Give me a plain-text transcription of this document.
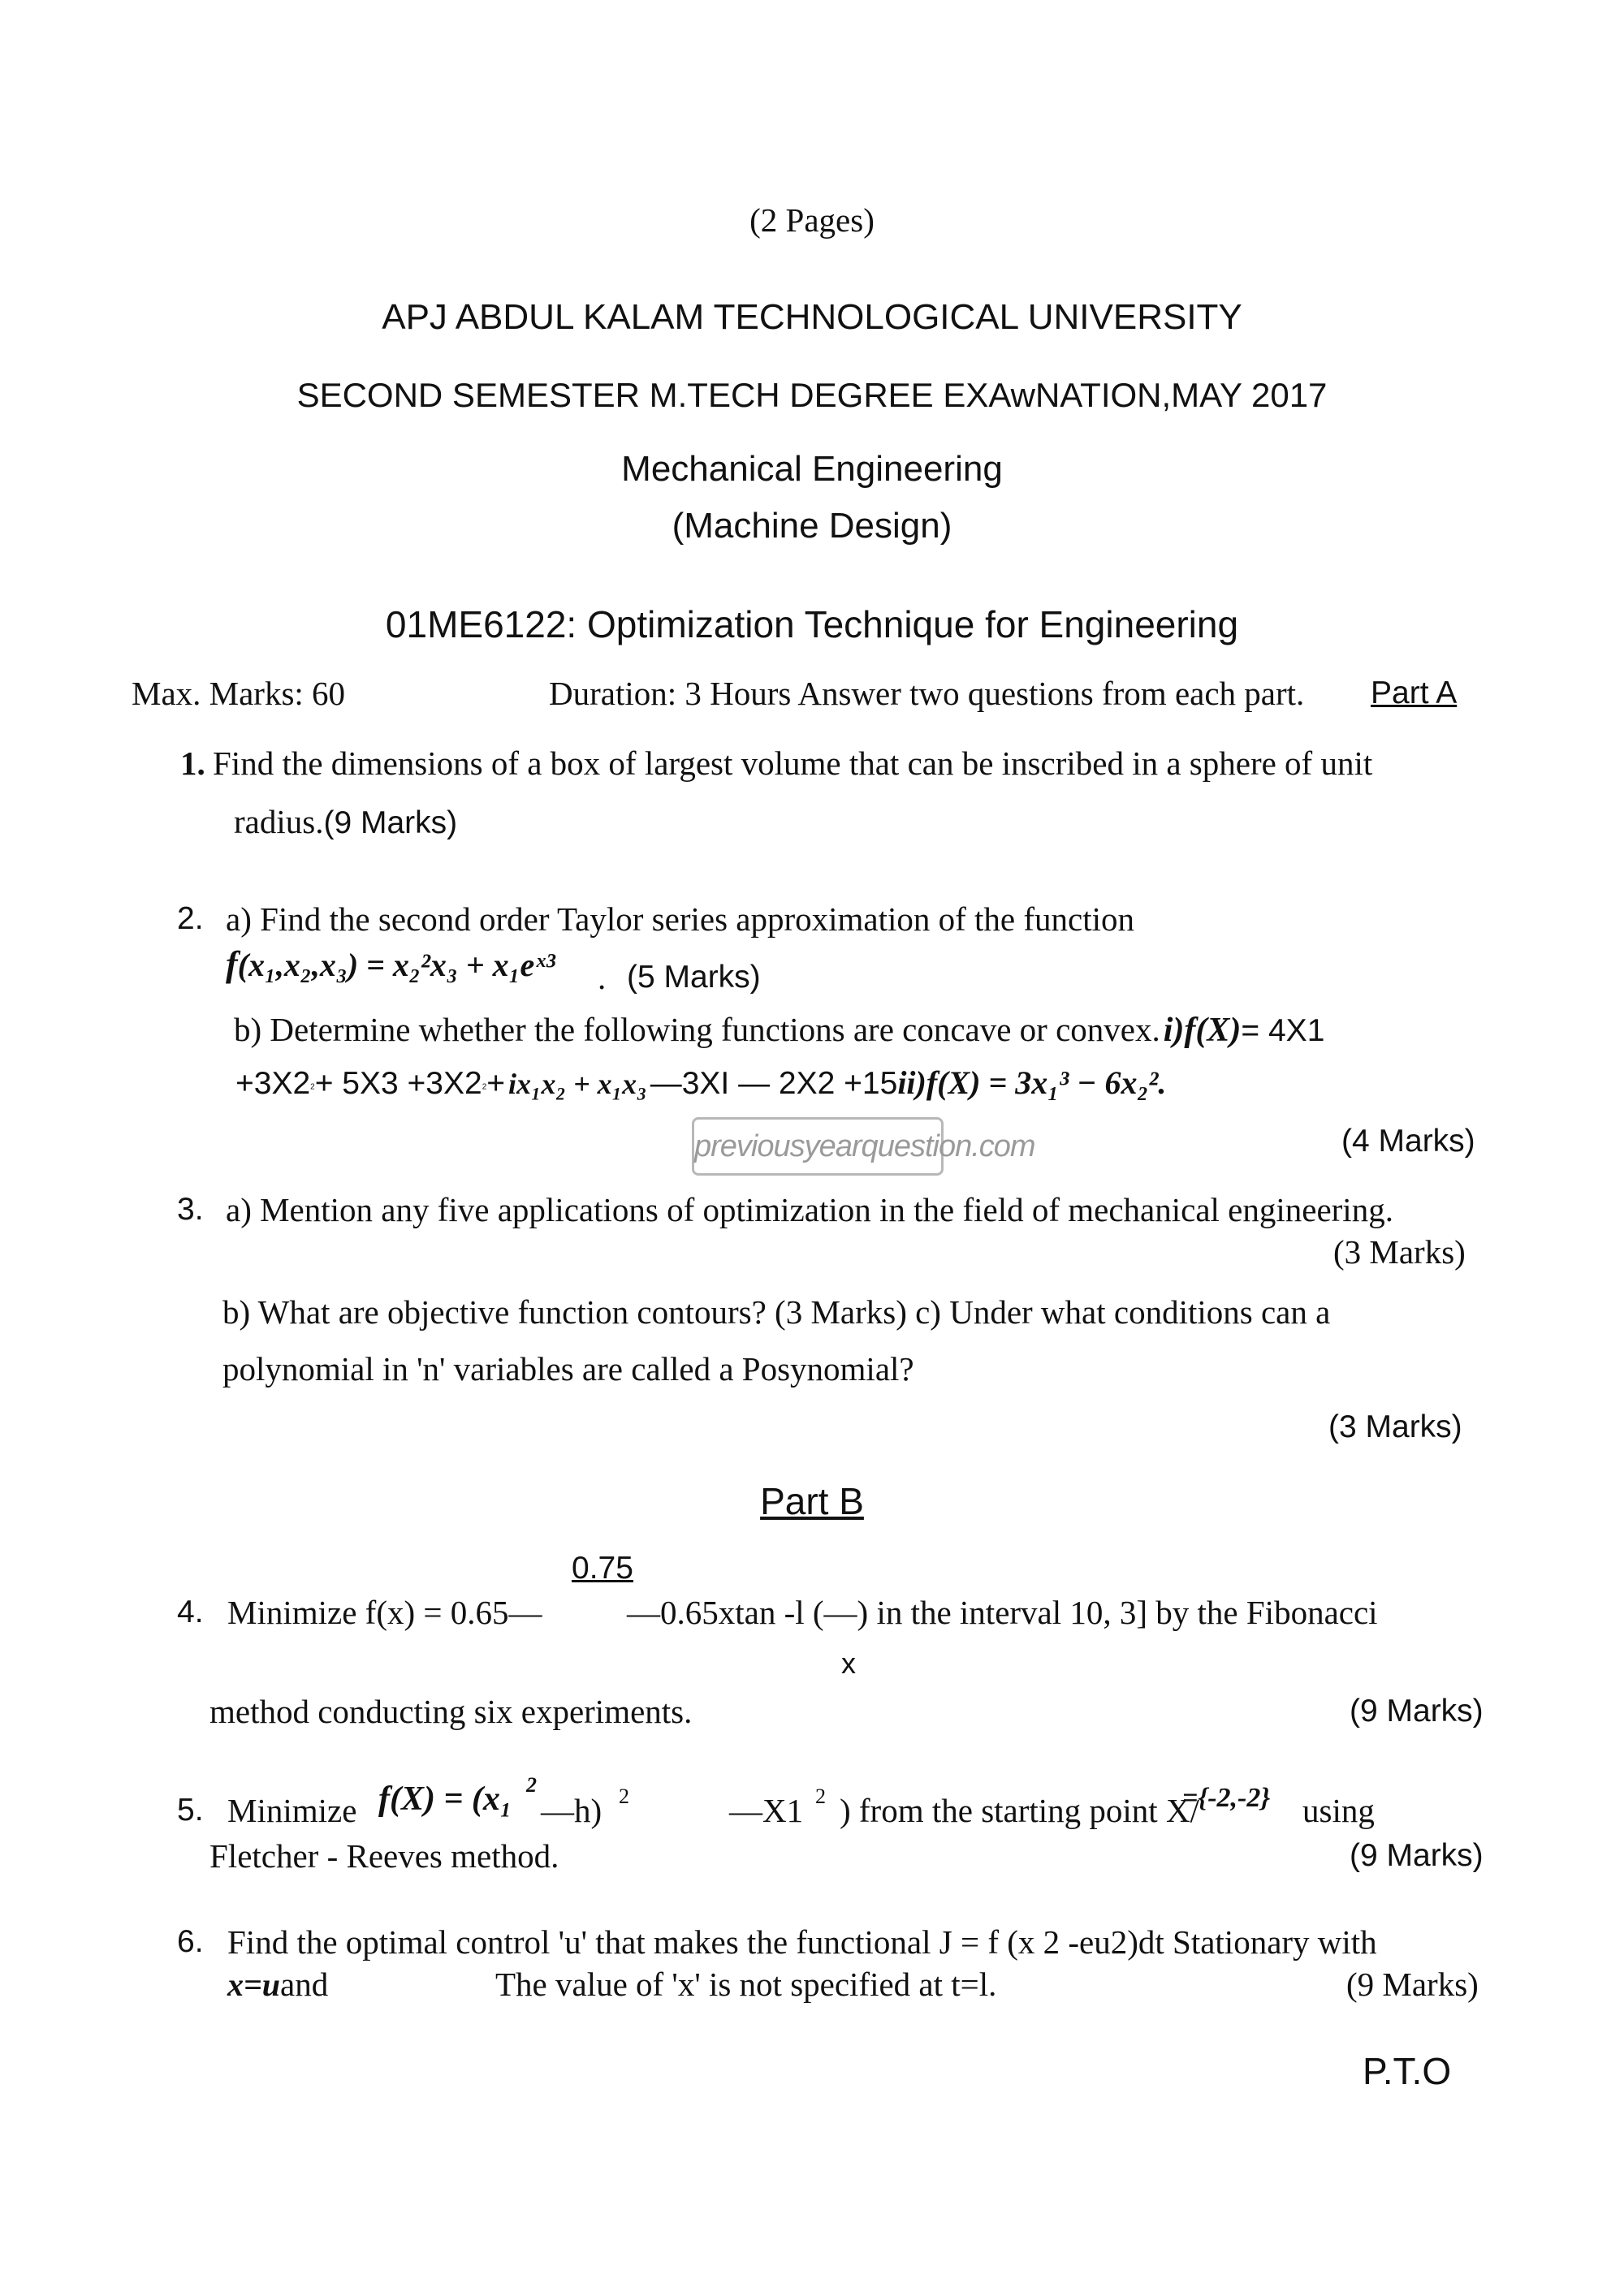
(2 Pages)
APJ ABDUL KALAM TECHNOLOGICAL UNIVERSITY
SECOND SEMESTER M.TECH DEGREE EXAwNATION,MAY 2017
Mechanical Engineering
(Machine Design)
01ME6122: Optimization Technique for Engineering
Max. Marks: 60	Duration: 3 Hours Answer two questions from each part. Part A
1. Find the dimensions of a box of largest volume that can be inscribed in a sphere of unit
radius.(9 Marks)
2. a) Find the second order Taylor series approximation of the function
f(x₁,x₂,x₃) = x₂²x₃ + x₁eˣ³ . (5 Marks)
b) Determine whether the following functions are concave or convex. i)f(X)= 4X1
$+3X2^2+ 5X3 +3X2^2+ ix_1x_2 + x_1x_3$ —3XI — 2X2 +15ii)f(X) = 3x₁³ − 6x₂².
previousyearquestion.com	(4 Marks)
3. a) Mention any five applications of optimization in the field of mechanical engineering.
(3 Marks)
b) What are objective function contours? (3 Marks) c) Under what conditions can a
polynomial in 'n' variables are called a Posynomial?
(3 Marks)
Part B
0.75
4. Minimize f(x) = 0.65—	—0.65xtan -l (—) in the interval 10, 3] by the Fibonacci
x
method conducting six experiments.	(9 Marks)
5. Minimize f(X) = (x₁ 2
—h) 2	—X1 2 ) from the starting point X/
={-2,-2} using
Fletcher - Reeves method.	(9 Marks)
6. Find the optimal control 'u' that makes the functional J = f (x 2 -eu2)dt Stationary with
x=uand	The value of 'x' is not specified at t=l.	(9 Marks)
P.T.O
